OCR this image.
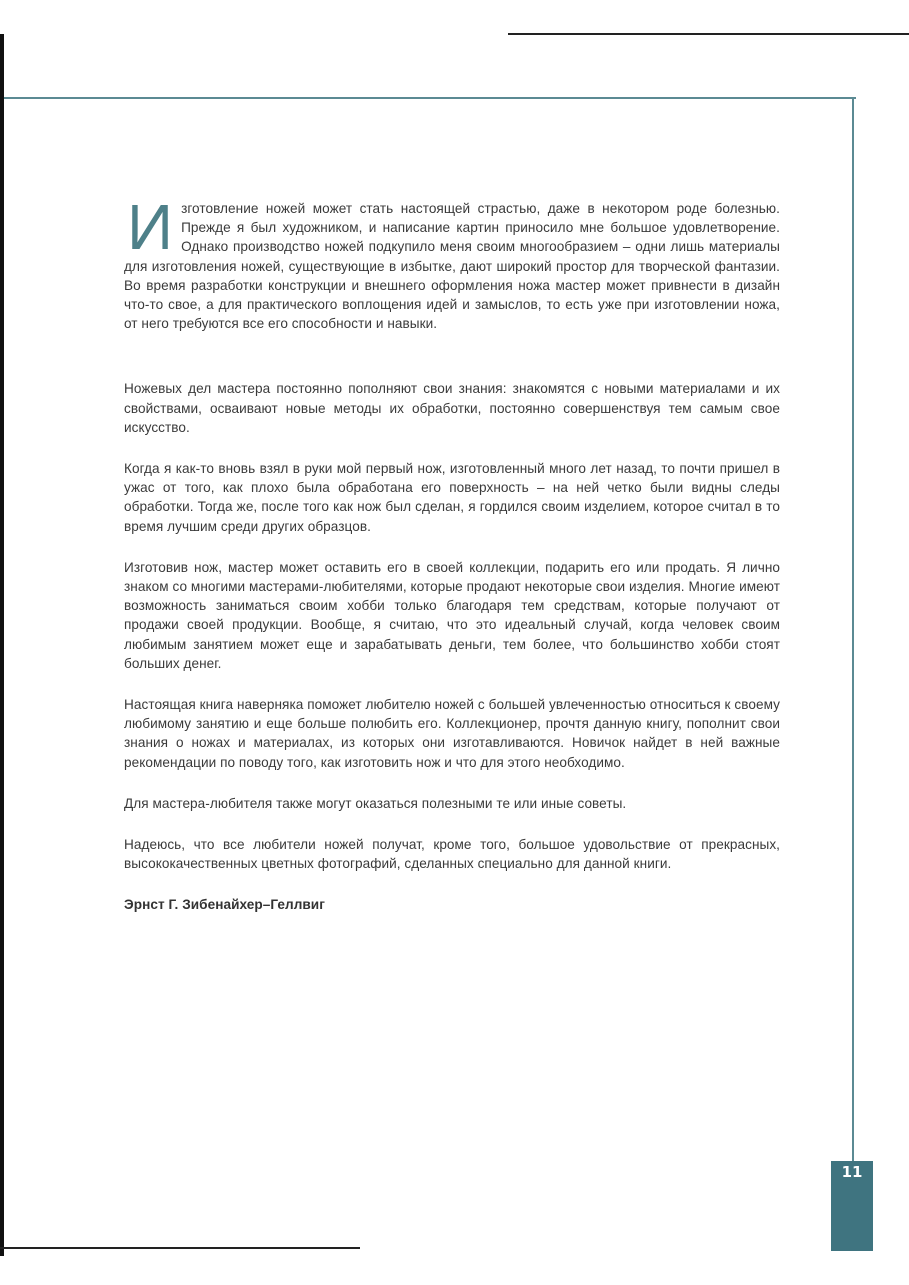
Изготовление ножей может стать настоящей страстью, даже в некотором роде болезнью. Прежде я был художником, и написание картин приносило мне большое удовлетворение. Однако производство ножей подкупило меня своим многообразием – одни лишь материалы для изготовления ножей, существующие в избытке, дают широкий простор для творческой фантазии. Во время разработки конструкции и внешнего оформления ножа мастер может привнести в дизайн что-то свое, а для практического воплощения идей и замыслов, то есть уже при изготовлении ножа, от него требуются все его способности и навыки.

Ножевых дел мастера постоянно пополняют свои знания: знакомятся с новыми материалами и их свойствами, осваивают новые методы их обработки, постоянно совершенствуя тем самым свое искусство.

Когда я как-то вновь взял в руки мой первый нож, изготовленный много лет назад, то почти пришел в ужас от того, как плохо была обработана его поверхность – на ней четко были видны следы обработки. Тогда же, после того как нож был сделан, я гордился своим изделием, которое считал в то время лучшим среди других образцов.

Изготовив нож, мастер может оставить его в своей коллекции, подарить его или продать. Я лично знаком со многими мастерами-любителями, которые продают некоторые свои изделия. Многие имеют возможность заниматься своим хобби только благодаря тем средствам, которые получают от продажи своей продукции. Вообще, я считаю, что это идеальный случай, когда человек своим любимым занятием может еще и зарабатывать деньги, тем более, что большинство хобби стоят больших денег.

Настоящая книга наверняка поможет любителю ножей с большей увлеченностью относиться к своему любимому занятию и еще больше полюбить его. Коллекционер, прочтя данную книгу, пополнит свои знания о ножах и материалах, из которых они изготавливаются. Новичок найдет в ней важные рекомендации по поводу того, как изготовить нож и что для этого необходимо.

Для мастера-любителя также могут оказаться полезными те или иные советы.

Надеюсь, что все любители ножей получат, кроме того, большое удовольствие от прекрасных, высококачественных цветных фотографий, сделанных специально для данной книги.

Эрнст Г. Зибенайхер–Геллвиг

11
